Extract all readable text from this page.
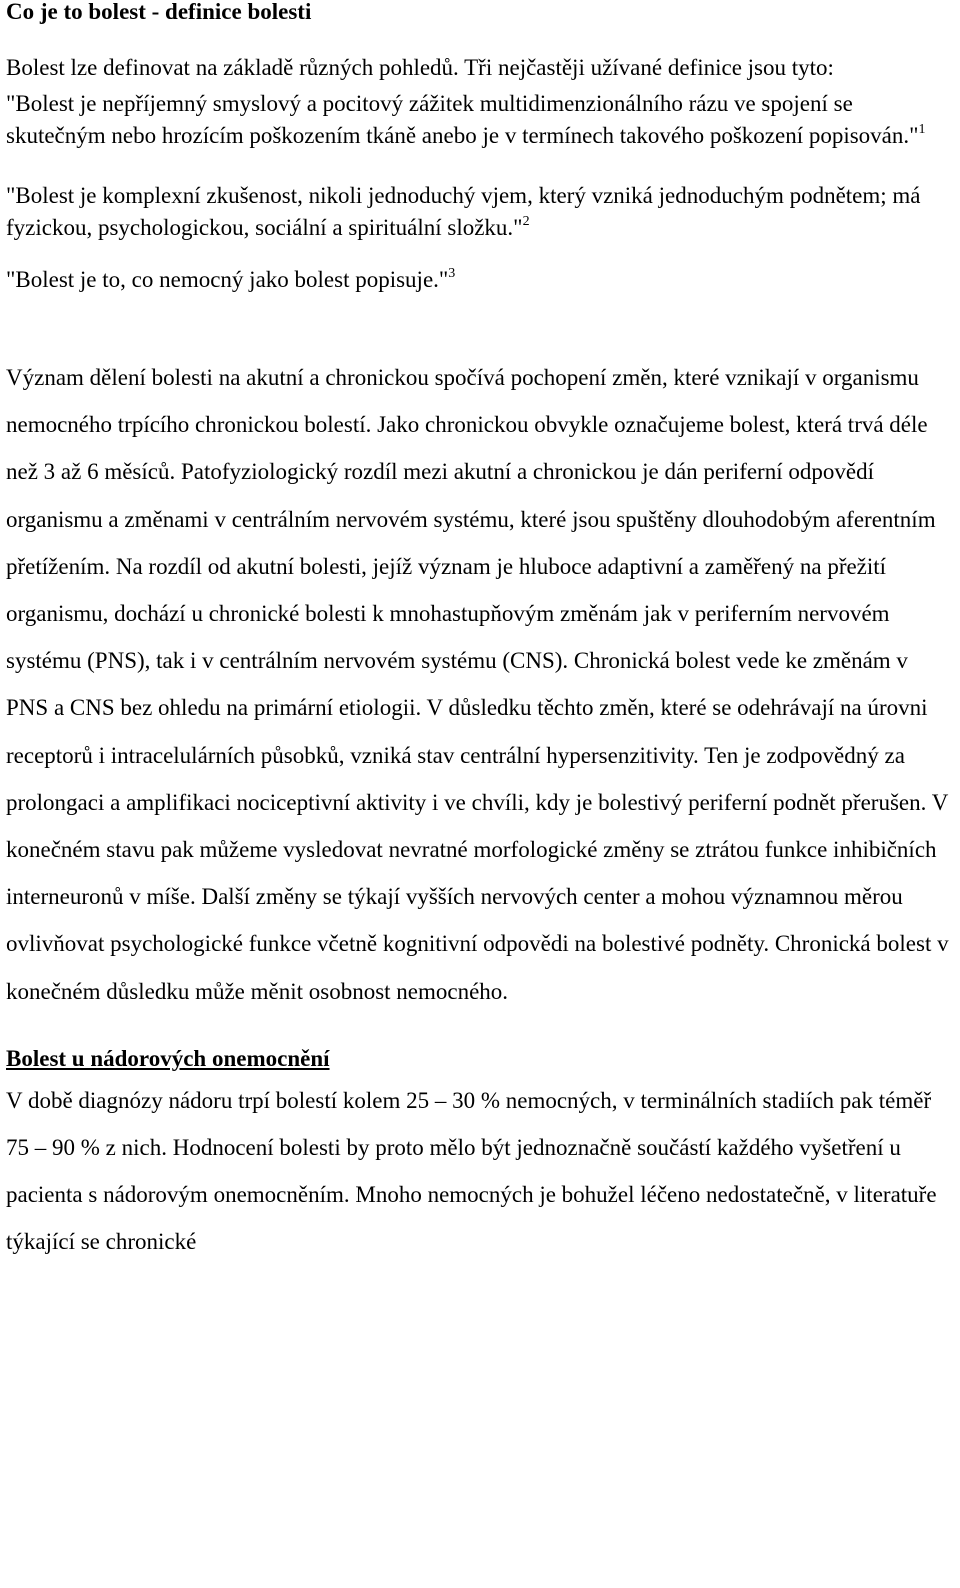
Co je to bolest - definice bolesti

Bolest lze definovat na základě různých pohledů. Tři nejčastěji užívané definice jsou tyto:

"Bolest je nepříjemný smyslový a pocitový zážitek multidimenzionálního rázu ve spojení se skutečným nebo hrozícím poškozením tkáně anebo je v termínech takového poškození popisován."$^1$

"Bolest je komplexní zkušenost, nikoli jednoduchý vjem, který vzniká jednoduchým podnětem; má fyzickou, psychologickou, sociální a spirituální složku."$^2$

"Bolest je to, co nemocný jako bolest popisuje."$^3$

Význam dělení bolesti na akutní a chronickou spočívá pochopení změn, které vznikají v organismu nemocného trpícího chronickou bolestí. Jako chronickou obvykle označujeme bolest, která trvá déle než 3 až 6 měsíců. Patofyziologický rozdíl mezi akutní a chronickou je dán periferní odpovědí organismu a změnami v centrálním nervovém systému, které jsou spuštěny dlouhodobým aferentním přetížením. Na rozdíl od akutní bolesti, jejíž význam je hluboce adaptivní a zaměřený na přežití organismu, dochází u chronické bolesti k mnohastupňovým změnám jak v periferním nervovém systému (PNS), tak i v centrálním nervovém systému (CNS). Chronická bolest vede ke změnám v PNS a CNS bez ohledu na primární etiologii. V důsledku těchto změn, které se odehrávají na úrovni receptorů i intracelulárních působků, vzniká stav centrální hypersenzitivity. Ten je zodpovědný za prolongaci a amplifikaci nociceptivní aktivity i ve chvíli, kdy je bolestivý periferní podnět přerušen. V konečném stavu pak můžeme vysledovat nevratné morfologické změny se ztrátou funkce inhibičních interneuronů v míše. Další změny se týkají vyšších nervových center a mohou významnou měrou ovlivňovat psychologické funkce včetně kognitivní odpovědi na bolestivé podněty. Chronická bolest v konečném důsledku může měnit osobnost nemocného.

Bolest u nádorových onemocnění

V době diagnózy nádoru trpí bolestí kolem 25 – 30 % nemocných, v terminálních stadiích pak téměř 75 – 90 % z nich. Hodnocení bolesti by proto mělo být jednoznačně součástí každého vyšetření u pacienta s nádorovým onemocněním. Mnoho nemocných je bohužel léčeno nedostatečně, v literatuře týkající se chronické
